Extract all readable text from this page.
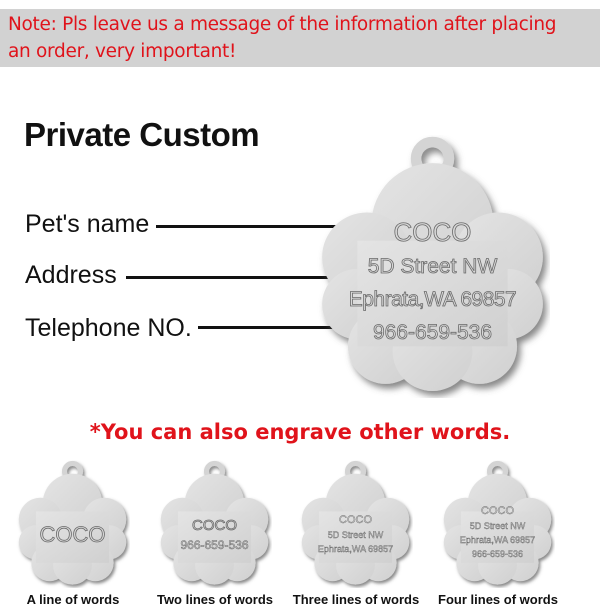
Note: Pls leave us a message of the information after placing
an order, very important!
Private Custom
Pet's name
Address
Telephone NO.
COCO
5D Street NW
Ephrata,WA 69857
966-659-536
*You can also engrave other words.
COCO	COCO
966-659-536
COCO
5D Street NW
Ephrata,WA 69857
COCO
5D Street NW
Ephrata,WA 69857
966-659-536
A line of words	Two lines of words	Three lines of words	Four lines of words
